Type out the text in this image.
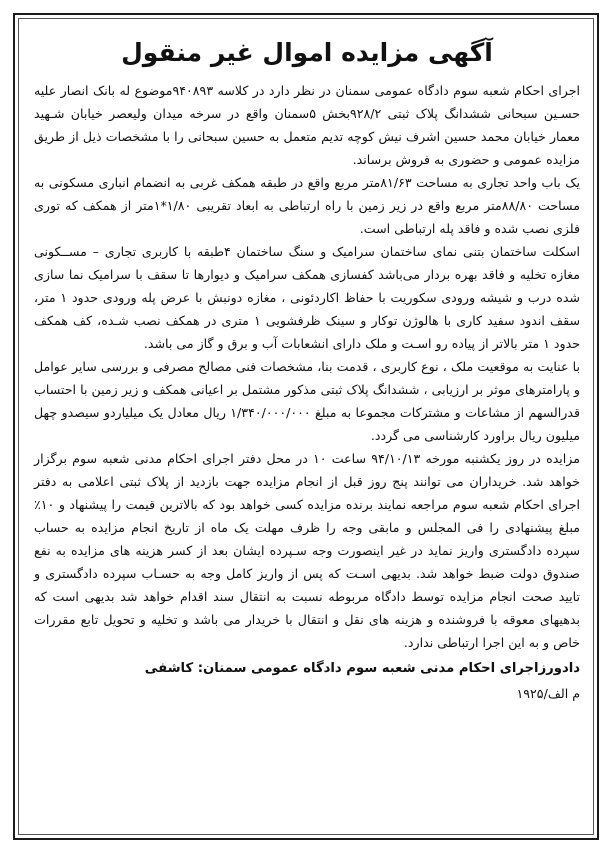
آگهی مزایده اموال غیر منقول

اجرای احکام شعبه سوم دادگاه عمومی سمنان در نظر دارد در کلاسه ۹۴۰۸۹۳موضوع له بانک انصار علیه حسـین سبحانی ششدانگ پلاک ثبتی ۹۲۸/۲بخش ۵سمنان واقع در سرخه میدان ولیعصر خیابان شـهید معمار خیابان محمد حسین اشرف نیش کوچه تدیم متعمل به حسین سبحانی را با مشخصات ذیل از طریق مزایده عمومی و حضوری به فروش برساند.

یک باب واحد تجاری به مساحت ۸۱/۶۳متر مربع واقع در طبقه همکف غربی به انضمام انباری مسکونی به مساحت ۸۸/۸۰متر مربع واقع در زیر زمین با راه ارتباطی به ابعاد تقریبی ۱/۸۰*۱متر از همکف که توری فلزی نصب شده و فاقد پله ارتباطی است.

اسکلت ساختمان بتنی نمای ساختمان سرامیک و سنگ ساختمان ۴طبقه با کاربری تجاری – مســکونی مغازه تخلیه و فاقد بهره بردار می‌باشد کفسازی همکف سرامیک و دیوارها تا سقف با سرامیک نما سازی شده درب و شیشه ورودی سکوریت با حفاظ اکاردئونی ، مغازه دونبش با عرض پله ورودی حدود ۱ متر، سقف اندود سفید کاری با هالوژن توکار و سینک ظرفشویی ۱ متری در همکف نصب شـده، کف همکف حدود ۱ متر بالاتر از پیاده رو اسـت و ملک دارای انشعابات آب و برق و گاز می باشد.

با عنایت به موقعیت ملک ، نوع کاربری ، قدمت بنا، مشخصات فنی مصالح مصرفی و بررسی سایر عوامل و پارامترهای موثر بر ارزیابی ، ششدانگ پلاک ثبتی مذکور مشتمل بر اعیانی همکف و زیر زمین با احتساب قدرالسهم از مشاعات و مشترکات مجموعا به مبلغ ۱/۳۴۰/۰۰۰/۰۰۰ ریال معادل یک میلیاردو سیصدو چهل میلیون ریال براورد کارشناسی می گردد.

مزایده در روز یکشنبه مورخه ۹۴/۱۰/۱۳ ساعت ۱۰ در محل دفتر اجرای احکام مدنی شعبه سوم برگزار خواهد شد. خریداران می توانند پنج روز قبل از انجام مزایده جهت بازدید از پلاک ثبتی اعلامی به دفتر اجرای احکام شعبه سوم مراجعه نمایند برنده مزایده کسی خواهد بود که بالاترین قیمت را پیشنهاد و ۱۰٪ مبلغ پیشنهادی را فی المجلس و مابقی وجه را ظرف مهلت یک ماه از تاریخ انجام مزایده به حساب سپرده دادگستری واریز نماید در غیر اینصورت وجه سـپرده ایشان بعد از کسر هزینه های مزایده به نفع صندوق دولت ضبط خواهد شد. بدیهی اسـت که پس از واریز کامل وجه به حسـاب سپرده دادگستری و تایید صحت انجام مزایده توسط دادگاه مربوطه نسبت به انتقال سند اقدام خواهد شد بدیهی است که بدهیهای معوقه با فروشنده و هزینه های نقل و انتقال با خریدار می باشد و تخلیه و تحویل تابع مقررات خاص و به این اجرا ارتباطی ندارد.

دادورزاجرای احکام مدنی شعبه سوم دادگاه عمومی سمنان: کاشفی

م الف/۱۹۲۵
